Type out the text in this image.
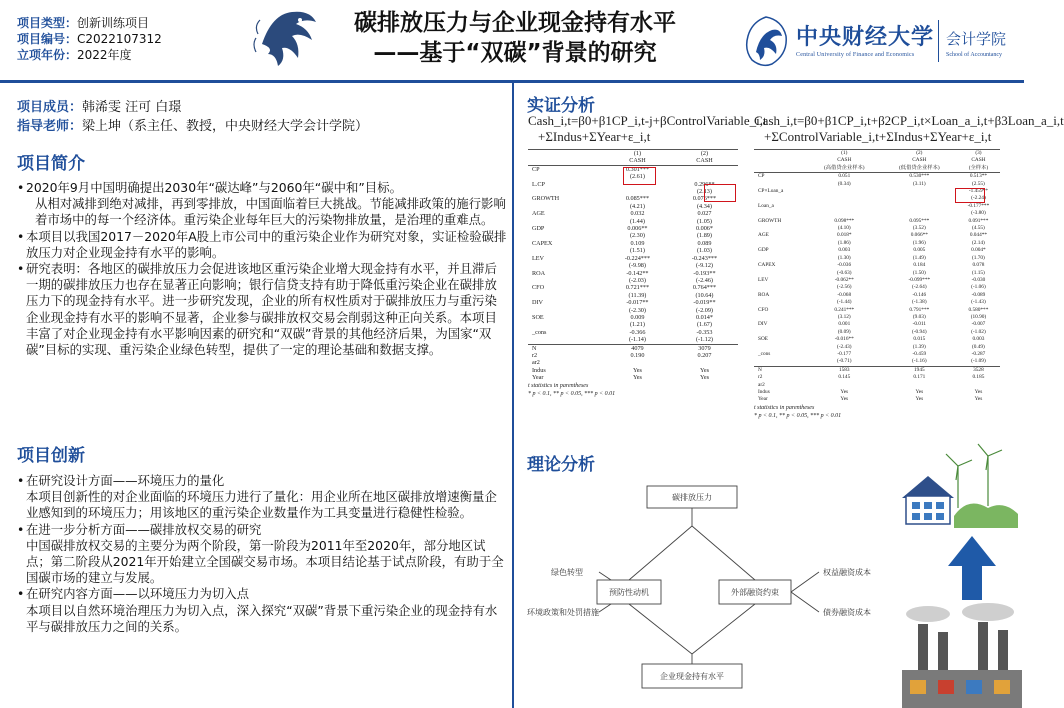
项目类型：创新训练项目
项目编号：C2022107312
立项年份：2022年度
碳排放压力与企业现金持有水平
——基于“双碳”背景的研究
中央财经大学
Central University of Finance and Economics
会计学院
School of Accountancy
项目成员：韩浠雯 汪可 白璟
指导老师：梁上坤（系主任、教授，中央财经大学会计学院）
项目简介
• 2020年9月中国明确提出2030年“碳达峰”与2060年“碳中和”目标。
从相对减排到绝对减排，再到零排放，中国面临着巨大挑战。节能减排政策的施行影响着市场中的每一个经济体。重污染企业每年巨大的污染物排放量，是治理的重难点。
• 本项目以我国2017－2020年A股上市公司中的重污染企业作为研究对象，实证检验碳排放压力对企业现金持有水平的影响。
• 研究表明：各地区的碳排放压力会促进该地区重污染企业增大现金持有水平，并且滞后一期的碳排放压力也存在显著正向影响；银行信贷支持有助于降低重污染企业在碳排放压力下的现金持有水平。进一步研究发现，企业的所有权性质对于碳排放压力与重污染企业现金持有水平的影响不显著，企业参与碳排放权交易会削弱这种正向关系。本项目丰富了对企业现金持有水平影响因素的研究和“双碳”背景的其他经济后果，为国家“双碳”目标的实现、重污染企业绿色转型，提供了一定的理论基础和数据支撑。
项目创新
• 在研究设计方面——环境压力的量化
本项目创新性的对企业面临的环境压力进行了量化：用企业所在地区碳排放增速衡量企业感知到的环境压力；用该地区的重污染企业数量作为工具变量进行稳健性检验。
• 在进一步分析方面——碳排放权交易的研究
中国碳排放权交易的主要分为两个阶段，第一阶段为2011年至2020年，部分地区试点；第二阶段从2021年开始建立全国碳交易市场。本项目结论基于试点阶段，有助于全国碳市场的建立与发展。
• 在研究内容方面——以环境压力为切入点
本项目以自然环境治理压力为切入点，深入探究“双碳”背景下重污染企业的现金持有水平与碳排放压力之间的关系。
实证分析
Cash_i,t=β0+β1CP_i,t-j+βControlVariable_i,t
+ΣIndus+ΣYear+ε_i,t
	(1)	(2)
	CASH	CASH
CP	0.301***	
	(2.61)	
L.CP		0.296**
		(2.13)
GROWTH	0.085***	0.076***
	(4.21)	(4.34)
AGE	0.032	0.027
	(1.44)	(1.05)
GDP	0.006**	0.006*
	(2.30)	(1.89)
CAPEX	0.109	0.089
	(1.51)	(1.03)
LEV	-0.224***	-0.243***
	(-9.98)	(-9.12)
ROA	-0.142**	-0.193**
	(-2.03)	(-2.46)
CFO	0.721***	0.764***
	(11.39)	(10.64)
DIV	-0.017**	-0.019**
	(-2.30)	(-2.09)
SOE	0.009	0.014*
	(1.21)	(1.67)
_cons	-0.366	-0.353
	(-1.14)	(-1.12)
N	4079	3079
r2	0.190	0.207
ar2		
Indus	Yes	Yes
Year	Yes	Yes
t statistics in parentheses
* p < 0.1, ** p < 0.05, *** p < 0.01
Cash_i,t=β0+β1CP_i,t+β2CP_i,t×Loan_a_i,t+β3Loan_a_i,t
+ΣControlVariable_i,t+ΣIndus+ΣYear+ε_i,t
	(1)	(2)	(3)
	CASH	CASH	CASH
	(高借贷企业样本)	(低借贷企业样本)	(全样本)
CP	0.051	0.530***	0.513**
	(0.34)	(3.11)	(2.55)
CP×Loan_a			-1.459**
			(-2.24)
Loan_a			-0.177***
			(-3.80)
GROWTH	0.098***	0.095***	0.091***
	(4.10)	(3.52)	(4.55)
AGE	0.018*	0.066**	0.044**
	(1.86)	(1.96)	(2.14)
GDP	0.003	0.005	0.004*
	(1.30)	(1.49)	(1.70)
CAPEX	-0.036	0.184	0.078
	(-0.63)	(1.50)	(1.15)
LEV	-0.062**	-0.099***	-0.030
	(-2.56)	(-2.64)	(-1.06)
ROA	-0.068	-0.146	-0.089
	(-1.44)	(-1.38)	(-1.43)
CFO	0.241***	0.791***	0.580***
	(3.12)	(9.03)	(10.90)
DIV	0.001	-0.011	-0.007
	(0.09)	(-0.94)	(-1.02)
SOE	-0.016**	0.015	0.003
	(-2.43)	(1.39)	(0.49)
_cons	-0.177	-0.459	-0.287
	(-0.71)	(-1.16)	(-1.09)
N	1583	1945	3528
r2	0.145	0.171	0.185
ar2			
Indus	Yes	Yes	Yes
Year	Yes	Yes	Yes
t statistics in parentheses
* p < 0.1, ** p < 0.05, *** p < 0.01
理论分析
碳排放压力
预防性动机	外部融资约束
企业现金持有水平
绿色转型
环境政策和处罚措施
权益融资成本
债券融资成本
